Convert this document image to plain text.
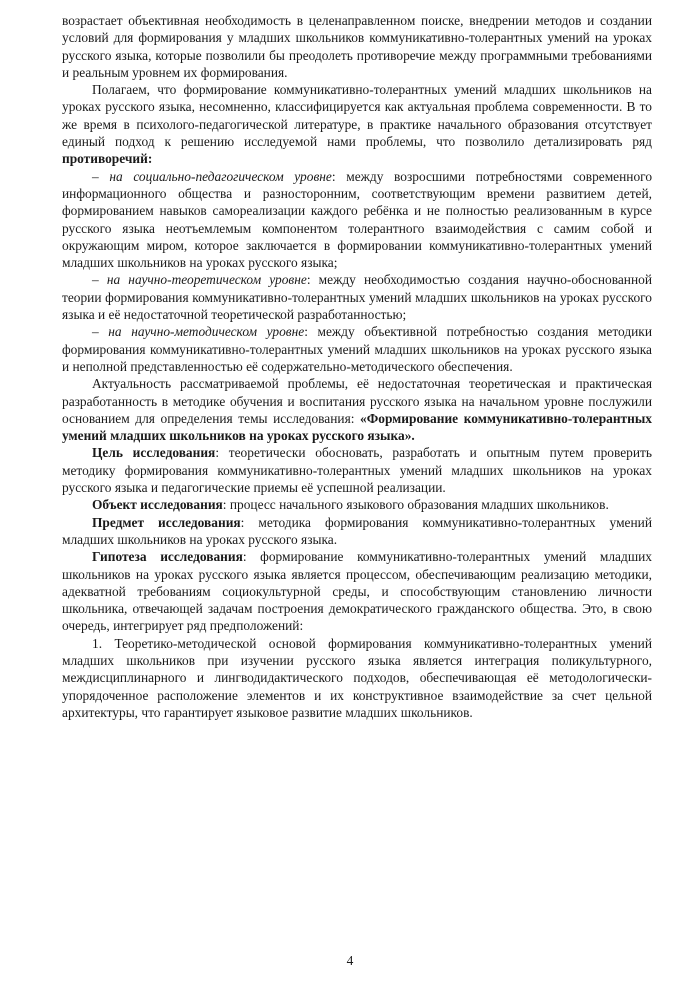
возрастает объективная необходимость в целенаправленном поиске, внедрении методов и создании условий для формирования у младших школьников коммуникативно-толерантных умений на уроках русского языка, которые позволили бы преодолеть противоречие между программными требованиями и реальным уровнем их формирования.

Полагаем, что формирование коммуникативно-толерантных умений младших школьников на уроках русского языка, несомненно, классифицируется как актуальная проблема современности. В то же время в психолого-педагогической литературе, в практике начального образования отсутствует единый подход к решению исследуемой нами проблемы, что позволило детализировать ряд противоречий:

– на социально-педагогическом уровне: между возросшими потребностями современного информационного общества и разносторонним, соответствующим времени развитием детей, формированием навыков самореализации каждого ребёнка и не полностью реализованным в курсе русского языка неотъемлемым компонентом толерантного взаимодействия с самим собой и окружающим миром, которое заключается в формировании коммуникативно-толерантных умений младших школьников на уроках русского языка;

– на научно-теоретическом уровне: между необходимостью создания научно-обоснованной теории формирования коммуникативно-толерантных умений младших школьников на уроках русского языка и её недостаточной теоретической разработанностью;

– на научно-методическом уровне: между объективной потребностью создания методики формирования коммуникативно-толерантных умений младших школьников на уроках русского языка и неполной представленностью её содержательно-методического обеспечения.

Актуальность рассматриваемой проблемы, её недостаточная теоретическая и практическая разработанность в методике обучения и воспитания русского языка на начальном уровне послужили основанием для определения темы исследования: «Формирование коммуникативно-толерантных умений младших школьников на уроках русского языка».

Цель исследования: теоретически обосновать, разработать и опытным путем проверить методику формирования коммуникативно-толерантных умений младших школьников на уроках русского языка и педагогические приемы её успешной реализации.

Объект исследования: процесс начального языкового образования младших школьников.

Предмет исследования: методика формирования коммуникативно-толерантных умений младших школьников на уроках русского языка.

Гипотеза исследования: формирование коммуникативно-толерантных умений младших школьников на уроках русского языка является процессом, обеспечивающим реализацию методики, адекватной требованиям социокультурной среды, и способствующим становлению личности школьника, отвечающей задачам построения демократического гражданского общества. Это, в свою очередь, интегрирует ряд предположений:

1. Теоретико-методической основой формирования коммуникативно-толерантных умений младших школьников при изучении русского языка является интеграция поликультурного, междисциплинарного и лингводидактического подходов, обеспечивающая её методологически-упорядоченное расположение элементов и их конструктивное взаимодействие за счет цельной архитектуры, что гарантирует языковое развитие младших школьников.

4
